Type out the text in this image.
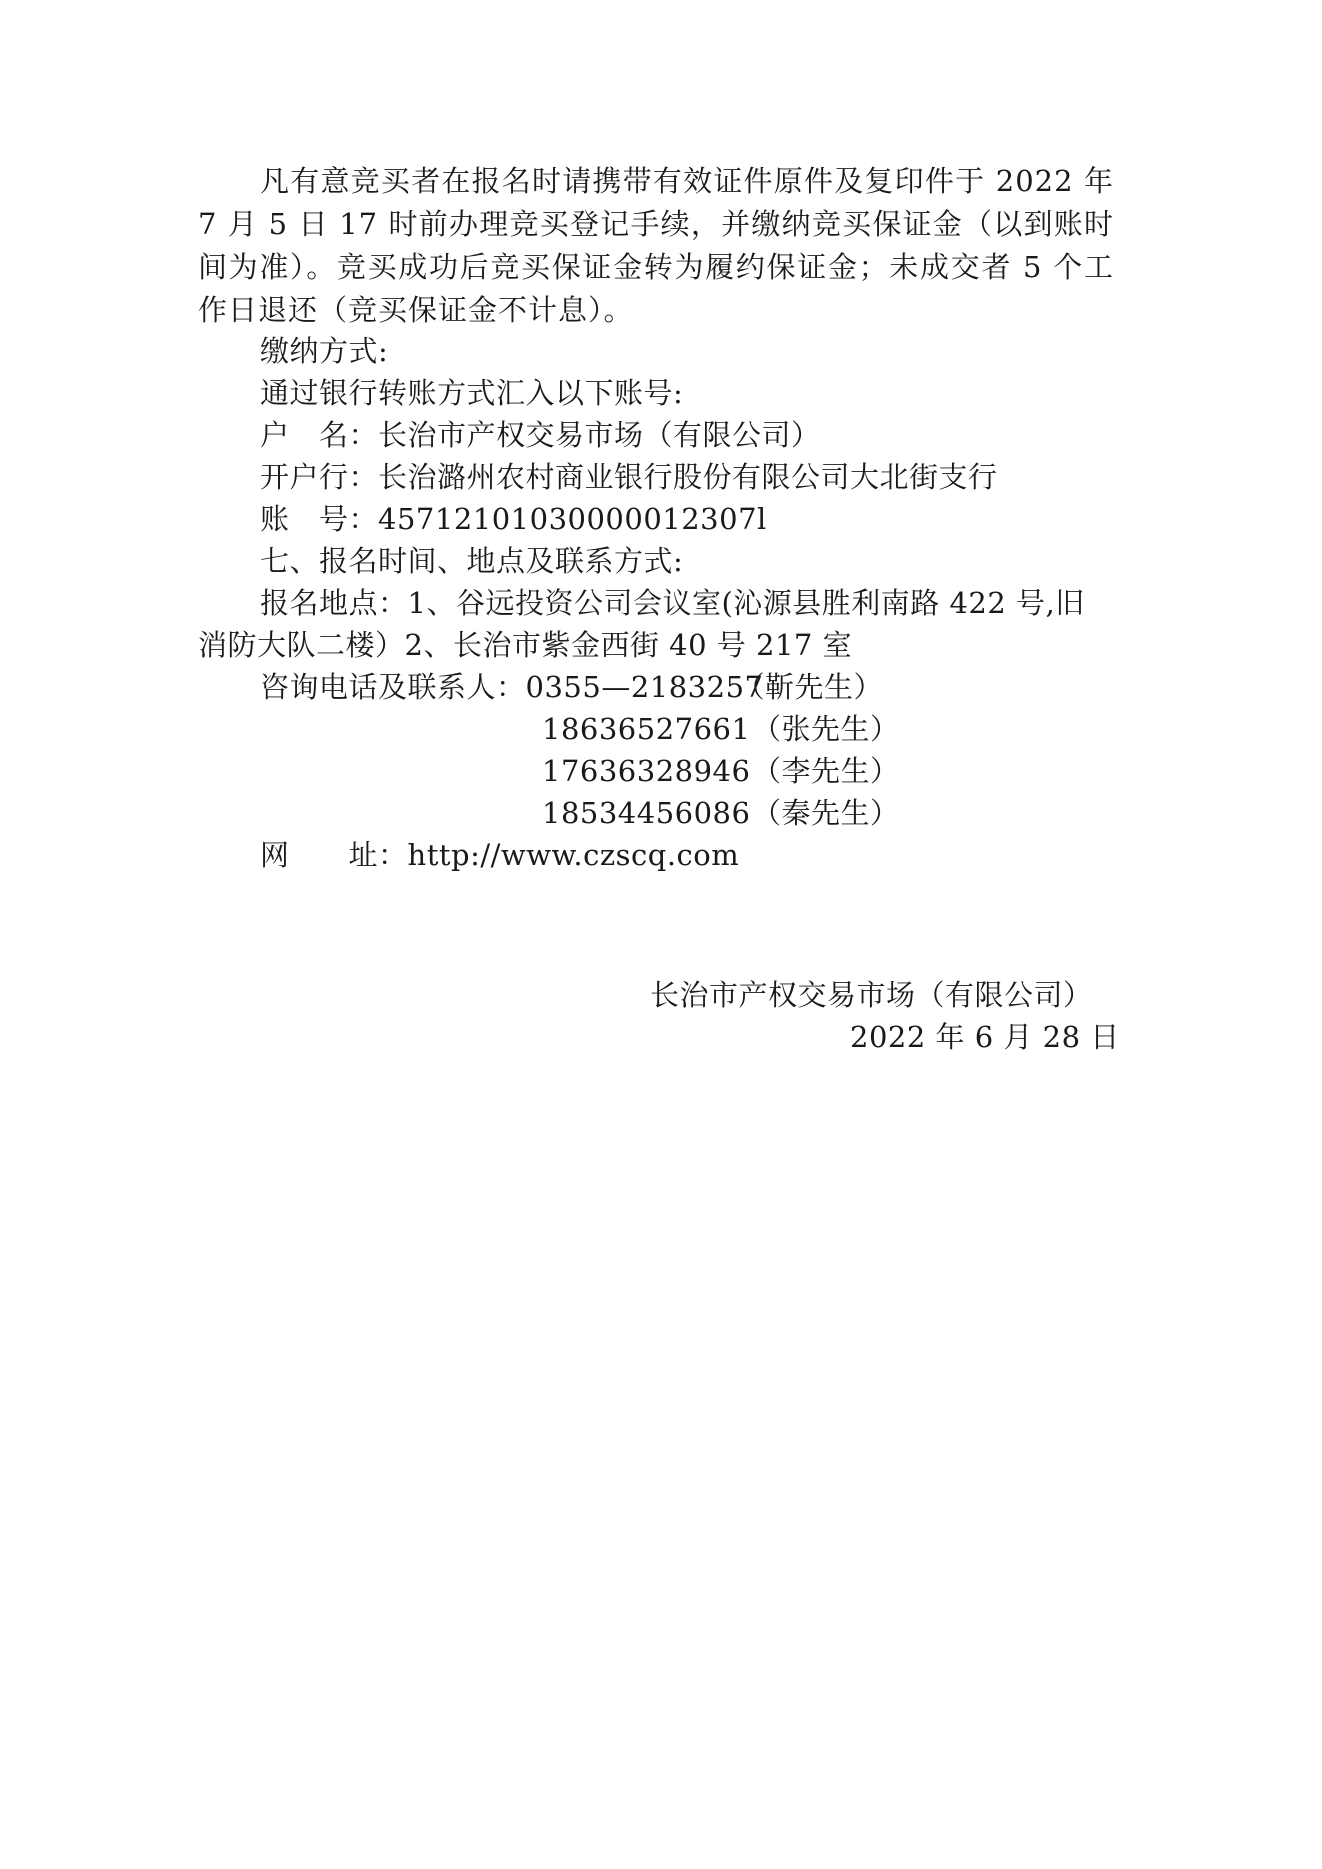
凡有意竞买者在报名时请携带有效证件原件及复印件于 2022 年 7 月 5 日 17 时前办理竞买登记手续，并缴纳竞买保证金（以到账时间为准）。竞买成功后竞买保证金转为履约保证金；未成交者 5 个工作日退还（竞买保证金不计息）。
缴纳方式:
通过银行转账方式汇入以下账号:
户　名：长治市产权交易市场（有限公司）
开户行：长治潞州农村商业银行股份有限公司大北街支行
账　号：45712101030000012307l
七、报名时间、地点及联系方式:
报名地点：1、谷远投资公司会议室(沁源县胜利南路 422 号,旧
消防大队二楼）2、长治市紫金西街 40 号 217 室
咨询电话及联系人：0355—2183257（靳先生）
18636527661（张先生）
17636328946（李先生）
18534456086（秦先生）
网　　址：http://www.czscq.com
长治市产权交易市场（有限公司）
2022 年 6 月 28 日
